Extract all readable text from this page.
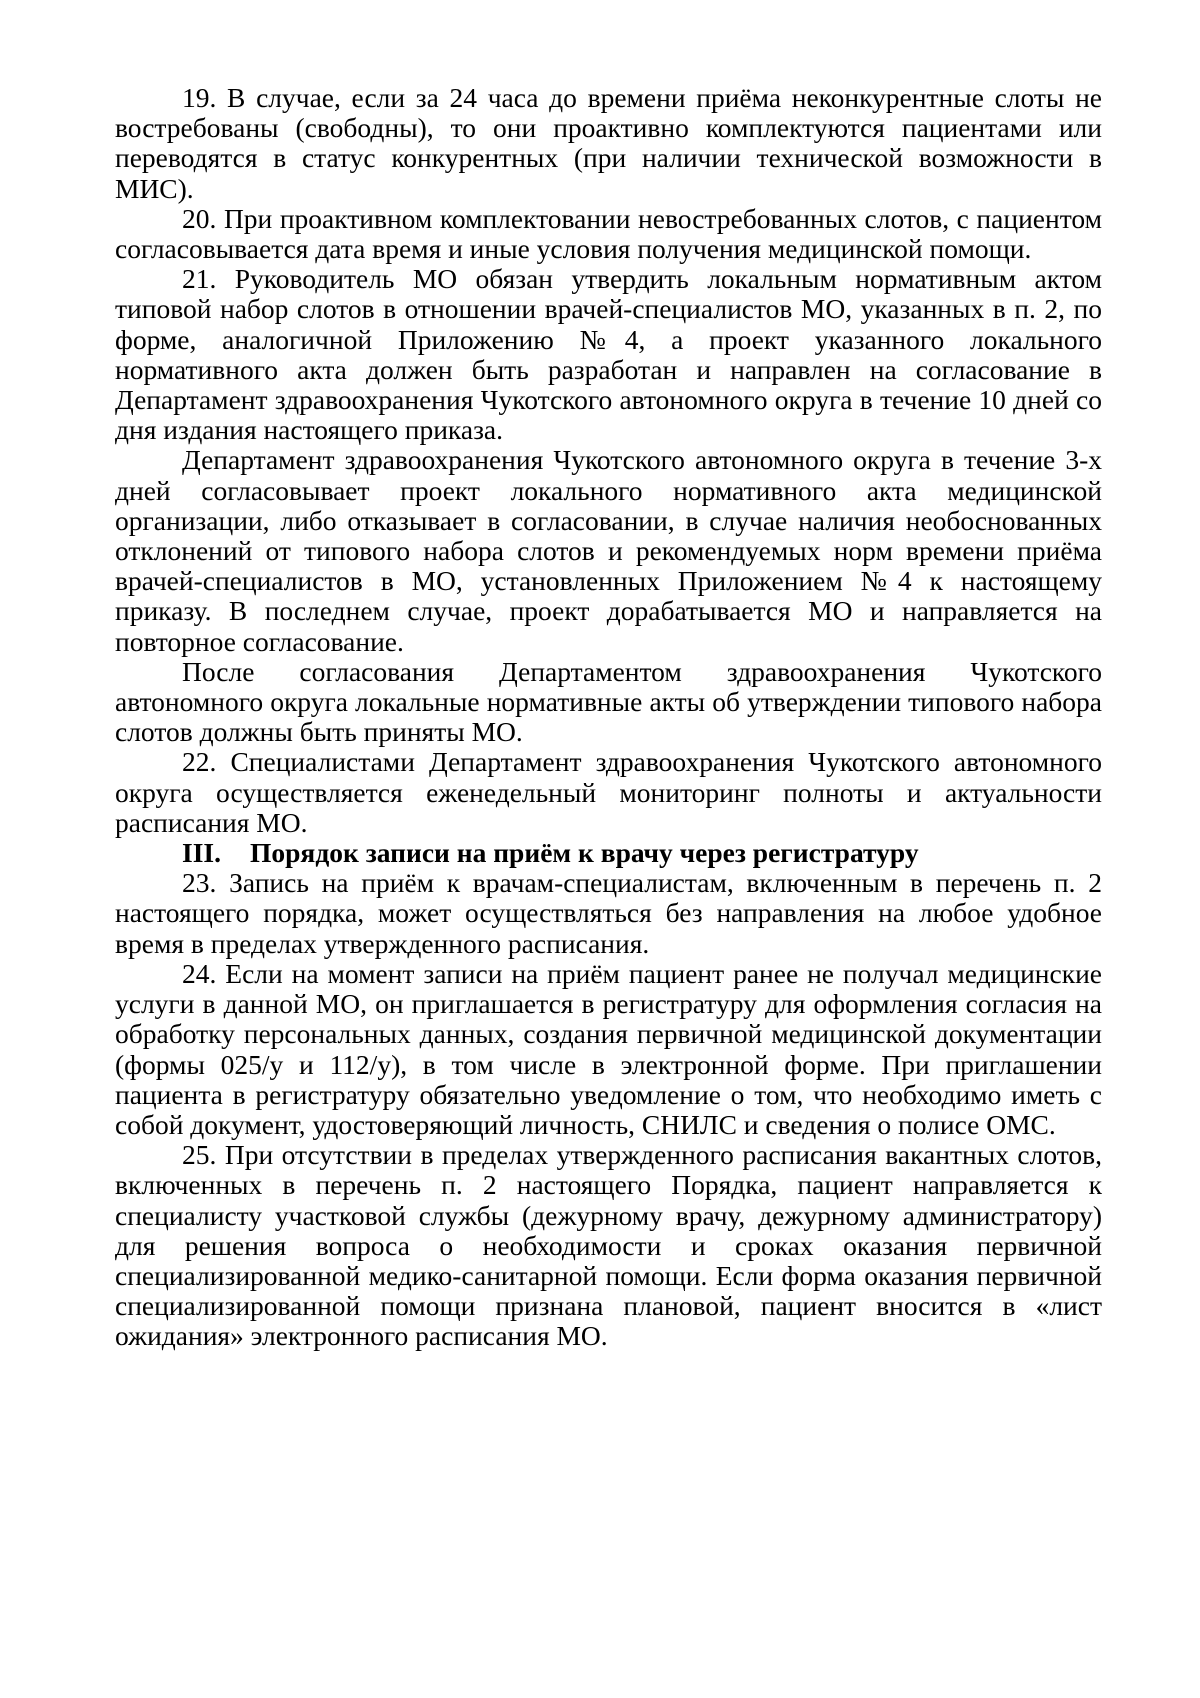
19. В случае, если за 24 часа до времени приёма неконкурентные слоты не востребованы (свободны), то они проактивно комплектуются пациентами или переводятся в статус конкурентных (при наличии технической возможности в МИС).

20. При проактивном комплектовании невостребованных слотов, с пациентом согласовывается дата время и иные условия получения медицинской помощи.

21. Руководитель МО обязан утвердить локальным нормативным актом типовой набор слотов в отношении врачей-специалистов МО, указанных в п. 2, по форме, аналогичной Приложению №4, а проект указанного локального нормативного акта должен быть разработан и направлен на согласование в Департамент здравоохранения Чукотского автономного округа в течение 10 дней со дня издания настоящего приказа.

Департамент здравоохранения Чукотского автономного округа в течение 3-х дней согласовывает проект локального нормативного акта медицинской организации, либо отказывает в согласовании, в случае наличия необоснованных отклонений от типового набора слотов и рекомендуемых норм времени приёма врачей-специалистов в МО, установленных Приложением №4 к настоящему приказу. В последнем случае, проект дорабатывается МО и направляется на повторное согласование.

После согласования Департаментом здравоохранения Чукотского автономного округа локальные нормативные акты об утверждении типового набора слотов должны быть приняты МО.

22. Специалистами Департамент здравоохранения Чукотского автономного округа осуществляется еженедельный мониторинг полноты и актуальности расписания МО.

III. Порядок записи на приём к врачу через регистратуру

23. Запись на приём к врачам-специалистам, включенным в перечень п. 2 настоящего порядка, может осуществляться без направления на любое удобное время в пределах утвержденного расписания.

24. Если на момент записи на приём пациент ранее не получал медицинские услуги в данной МО, он приглашается в регистратуру для оформления согласия на обработку персональных данных, создания первичной медицинской документации (формы 025/у и 112/у), в том числе в электронной форме. При приглашении пациента в регистратуру обязательно уведомление о том, что необходимо иметь с собой документ, удостоверяющий личность, СНИЛС и сведения о полисе ОМС.

25. При отсутствии в пределах утвержденного расписания вакантных слотов, включенных в перечень п. 2 настоящего Порядка, пациент направляется к специалисту участковой службы (дежурному врачу, дежурному администратору) для решения вопроса о необходимости и сроках оказания первичной специализированной медико-санитарной помощи. Если форма оказания первичной специализированной помощи признана плановой, пациент вносится в «лист ожидания» электронного расписания МО.
